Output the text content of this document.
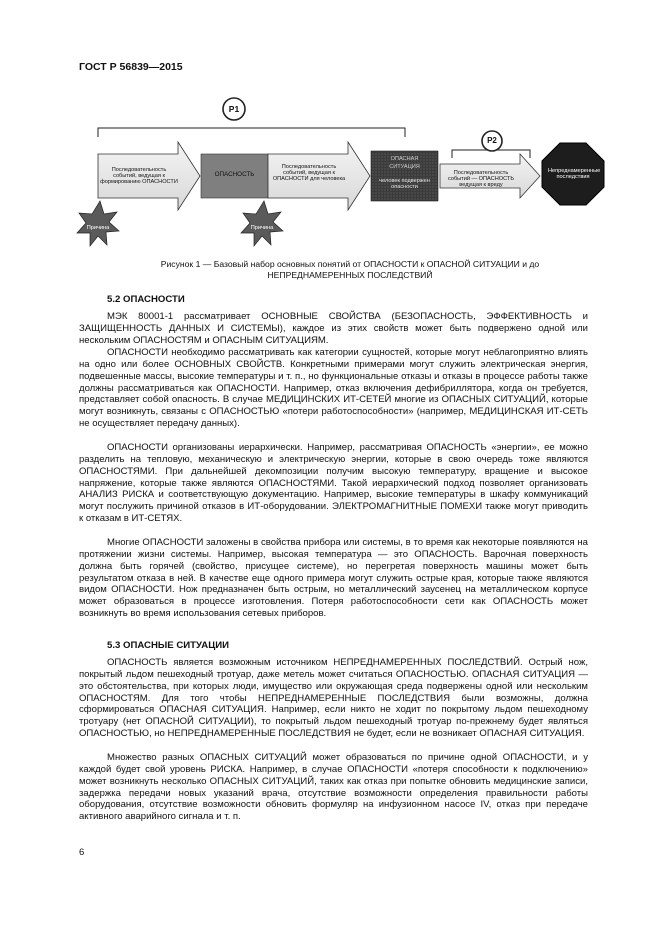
ГОСТ Р 56839—2015
P1
P2
Последовательность событий, ведущая к формированию ОПАСНОСТИ
ОПАСНОСТЬ
Последовательность событий, ведущая к ОПАСНОСТИ для человека
ОПАСНАЯ
СИТУАЦИЯ
человек подвержен опасности
Последовательность событий — ОПАСНОСТЬ ведущая к вреду
Непреднамеренные последствия
Причина	Причина
Рисунок 1 — Базовый набор основных понятий от ОПАСНОСТИ к ОПАСНОЙ СИТУАЦИИ и до НЕПРЕДНАМЕРЕННЫХ ПОСЛЕДСТВИЙ
5.2 ОПАСНОСТИ

МЭК 80001-1 рассматривает ОСНОВНЫЕ СВОЙСТВА (БЕЗОПАСНОСТЬ, ЭФФЕКТИВНОСТЬ и ЗАЩИЩЕННОСТЬ ДАННЫХ И СИСТЕМЫ), каждое из этих свойств может быть подвержено одной или нескольким ОПАСНОСТЯМ и ОПАСНЫМ СИТУАЦИЯМ.

ОПАСНОСТИ необходимо рассматривать как категории сущностей, которые могут неблагоприятно влиять на одно или более ОСНОВНЫХ СВОЙСТВ. Конкретными примерами могут служить электрическая энергия, подвешенные массы, высокие температуры и т. п., но функциональные отказы и отказы в процессе работы также должны рассматриваться как ОПАСНОСТИ. Например, отказ включения дефибриллятора, когда он требуется, представляет собой опасность. В случае МЕДИЦИНСКИХ ИТ-СЕТЕЙ многие из ОПАСНЫХ СИТУАЦИЙ, которые могут возникнуть, связаны с ОПАСНОСТЬЮ «потери работоспособности» (например, МЕДИЦИНСКАЯ ИТ-СЕТЬ не осуществляет передачу данных).

ОПАСНОСТИ организованы иерархически. Например, рассматривая ОПАСНОСТЬ «энергии», ее можно разделить на тепловую, механическую и электрическую энергии, которые в свою очередь тоже являются ОПАСНОСТЯМИ. При дальнейшей декомпозиции получим высокую температуру, вращение и высокое напряжение, которые также являются ОПАСНОСТЯМИ. Такой иерархический подход позволяет организовать АНАЛИЗ РИСКА и соответствующую документацию. Например, высокие температуры в шкафу коммуникаций могут послужить причиной отказов в ИТ-оборудовании. ЭЛЕКТРОМАГНИТНЫЕ ПОМЕХИ также могут приводить к отказам в ИТ-СЕТЯХ.

Многие ОПАСНОСТИ заложены в свойства прибора или системы, в то время как некоторые появляются на протяжении жизни системы. Например, высокая температура — это ОПАСНОСТЬ. Варочная поверхность должна быть горячей (свойство, присущее системе), но перегретая поверхность машины может быть результатом отказа в ней. В качестве еще одного примера могут служить острые края, которые также являются видом ОПАСНОСТИ. Нож предназначен быть острым, но металлический заусенец на металлическом корпусе может образоваться в процессе изготовления. Потеря работоспособности сети как ОПАСНОСТЬ может возникнуть во время использования сетевых приборов.

5.3 ОПАСНЫЕ СИТУАЦИИ

ОПАСНОСТЬ является возможным источником НЕПРЕДНАМЕРЕННЫХ ПОСЛЕДСТВИЙ. Острый нож, покрытый льдом пешеходный тротуар, даже метель может считаться ОПАСНОСТЬЮ. ОПАСНАЯ СИТУАЦИЯ — это обстоятельства, при которых люди, имущество или окружающая среда подвержены одной или нескольким ОПАСНОСТЯМ. Для того чтобы НЕПРЕДНАМЕРЕННЫЕ ПОСЛЕДСТВИЯ были возможны, должна сформироваться ОПАСНАЯ СИТУАЦИЯ. Например, если никто не ходит по покрытому льдом пешеходному тротуару (нет ОПАСНОЙ СИТУАЦИИ), то покрытый льдом пешеходный тротуар по-прежнему будет являться ОПАСНОСТЬЮ, но НЕПРЕДНАМЕРЕННЫЕ ПОСЛЕДСТВИЯ не будет, если не возникает ОПАСНАЯ СИТУАЦИЯ.

Множество разных ОПАСНЫХ СИТУАЦИЙ может образоваться по причине одной ОПАСНОСТИ, и у каждой будет свой уровень РИСКА. Например, в случае ОПАСНОСТИ «потеря способности к подключению» может возникнуть несколько ОПАСНЫХ СИТУАЦИЙ, таких как отказ при попытке обновить медицинские записи, задержка передачи новых указаний врача, отсутствие возможности определения правильности работы оборудования, отсутствие возможности обновить формуляр на инфузионном насосе IV, отказ при передаче активного аварийного сигнала и т. п.

6
